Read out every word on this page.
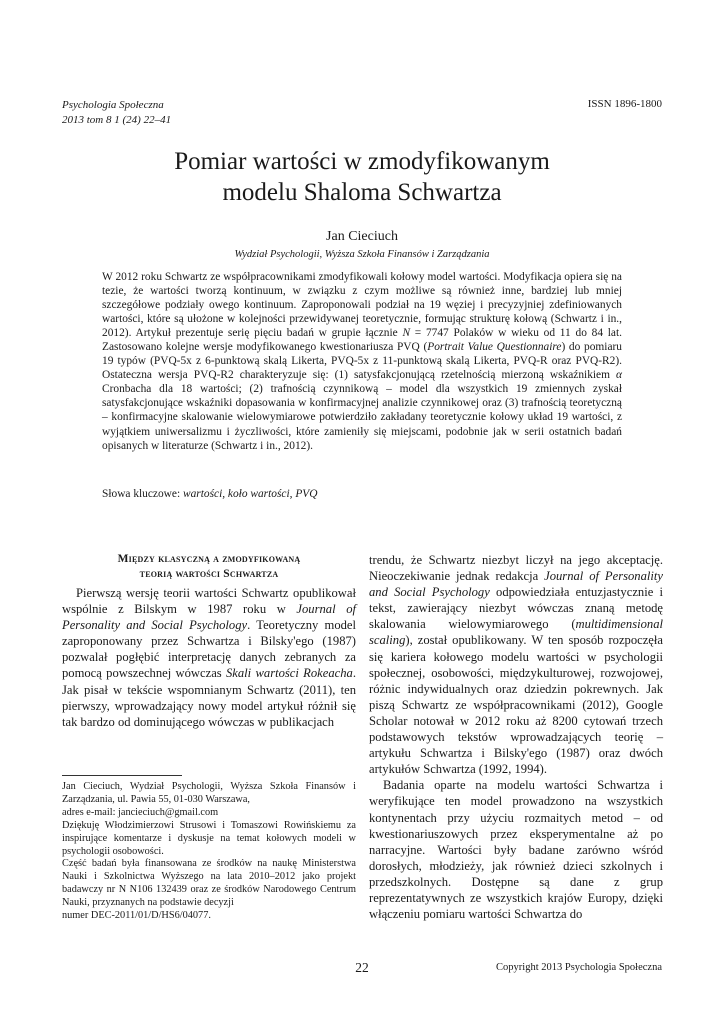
Psychologia Społeczna
2013 tom 8 1 (24) 22–41
ISSN 1896-1800
Pomiar wartości w zmodyfikowanym
modelu Shaloma Schwartza
Jan Cieciuch
Wydział Psychologii, Wyższa Szkoła Finansów i Zarządzania

W 2012 roku Schwartz ze współpracownikami zmodyfikowali kołowy model wartości. Modyfikacja opiera się na tezie, że wartości tworzą kontinuum, w związku z czym możliwe są również inne, bardziej lub mniej szczegółowe podziały owego kontinuum. Zaproponowali podział na 19 węziej i precyzyjniej zdefiniowanych wartości, które są ułożone w kolejności przewidywanej teoretycznie, formując strukturę kołową (Schwartz i in., 2012). Artykuł prezentuje serię pięciu badań w grupie łącznie N = 7747 Polaków w wieku od 11 do 84 lat. Zastosowano kolejne wersje modyfikowanego kwestionariusza PVQ (Portrait Value Questionnaire) do pomiaru 19 typów (PVQ-5x z 6-punktową skalą Likerta, PVQ-5x z 11-punktową skalą Likerta, PVQ-R oraz PVQ-R2). Ostateczna wersja PVQ-R2 charakteryzuje się: (1) satysfakcjonującą rzetelnością mierzoną wskaźnikiem α Cronbacha dla 18 wartości; (2) trafnością czynnikową – model dla wszystkich 19 zmiennych zyskał satysfakcjonujące wskaźniki dopasowania w konfirmacyjnej analizie czynnikowej oraz (3) trafnością teoretyczną – konfirmacyjne skalowanie wielowymiarowe potwierdziło zakładany teoretycznie kołowy układ 19 wartości, z wyjątkiem uniwersalizmu i życzliwości, które zamieniły się miejscami, podobnie jak w serii ostatnich badań opisanych w literaturze (Schwartz i in., 2012).

Słowa kluczowe: wartości, koło wartości, PVQ
Między klasyczną a zmodyfikowaną
teorią wartości Schwartza

Pierwszą wersję teorii wartości Schwartz opublikował wspólnie z Bilskym w 1987 roku w Journal of Personality and Social Psychology. Teoretyczny model zaproponowany przez Schwartza i Bilsky'ego (1987) pozwalał pogłębić interpretację danych zebranych za pomocą powszechnej wówczas Skali wartości Rokeacha. Jak pisał w tekście wspomnianym Schwartz (2011), ten pierwszy, wprowadzający nowy model artykuł różnił się tak bardzo od dominującego wówczas w publikacjach

Jan Cieciuch, Wydział Psychologii, Wyższa Szkoła Finansów i Zarządzania, ul. Pawia 55, 01-030 Warszawa,

adres e-mail: jancieciuch@gmail.com

Dziękuję Włodzimierzowi Strusowi i Tomaszowi Rowińskiemu za inspirujące komentarze i dyskusje na temat kołowych modeli w psychologii osobowości.

Część badań była finansowana ze środków na naukę Ministerstwa Nauki i Szkolnictwa Wyższego na lata 2010–2012 jako projekt badawczy nr N N106 132439 oraz ze środków Narodowego Centrum Nauki, przyznanych na podstawie decyzji

numer DEC-2011/01/D/HS6/04077.

trendu, że Schwartz niezbyt liczył na jego akceptację. Nieoczekiwanie jednak redakcja Journal of Personality and Social Psychology odpowiedziała entuzjastycznie i tekst, zawierający niezbyt wówczas znaną metodę skalowania wielowymiarowego (multidimensional scaling), został opublikowany. W ten sposób rozpoczęła się kariera kołowego modelu wartości w psychologii społecznej, osobowości, międzykulturowej, rozwojowej, różnic indywidualnych oraz dziedzin pokrewnych. Jak piszą Schwartz ze współpracownikami (2012), Google Scholar notował w 2012 roku aż 8200 cytowań trzech podstawowych tekstów wprowadzających teorię – artykułu Schwartza i Bilsky'ego (1987) oraz dwóch artykułów Schwartza (1992, 1994).

Badania oparte na modelu wartości Schwartza i weryfikujące ten model prowadzono na wszystkich kontynentach przy użyciu rozmaitych metod – od kwestionariuszowych przez eksperymentalne aż po narracyjne. Wartości były badane zarówno wśród dorosłych, młodzieży, jak również dzieci szkolnych i przedszkolnych. Dostępne są dane z grup reprezentatywnych ze wszystkich krajów Europy, dzięki włączeniu pomiaru wartości Schwartza do

22	Copyright 2013 Psychologia Społeczna
